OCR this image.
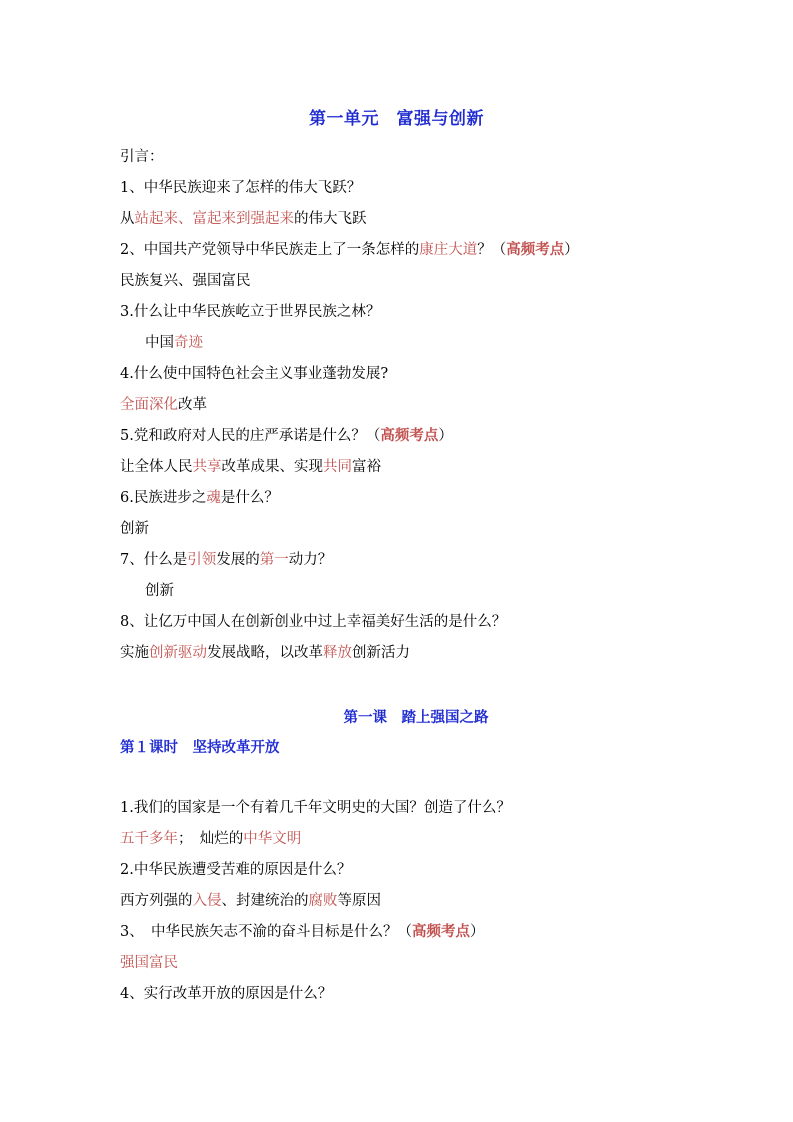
第一单元　富强与创新
引言：
1、中华民族迎来了怎样的伟大飞跃？
从站起来、富起来到强起来的伟大飞跃
2、中国共产党领导中华民族走上了一条怎样的康庄大道？（高频考点）
民族复兴、强国富民
3.什么让中华民族屹立于世界民族之林？
中国奇迹
4.什么使中国特色社会主义事业蓬勃发展?
全面深化改革
5.党和政府对人民的庄严承诺是什么？（高频考点）
让全体人民共享改革成果、实现共同富裕
6.民族进步之魂是什么？
创新
7、什么是引领发展的第一动力？
创新
8、让亿万中国人在创新创业中过上幸福美好生活的是什么？
实施创新驱动发展战略，以改革释放创新活力
第一课　踏上强国之路
第１课时　坚持改革开放
1.我们的国家是一个有着几千年文明史的大国？创造了什么？
五千多年；　灿烂的中华文明
2.中华民族遭受苦难的原因是什么？
西方列强的入侵、封建统治的腐败等原因
3、　中华民族矢志不渝的奋斗目标是什么？（高频考点）
强国富民
4、实行改革开放的原因是什么？
